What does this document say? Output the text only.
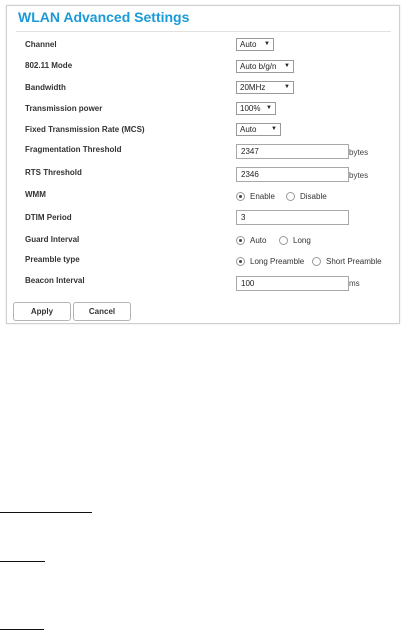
WLAN Advanced Settings
Channel	Auto ▼
802.11 Mode	Auto b/g/n ▼
Bandwidth	20MHz	▼
Transmission power	100% ▼
Fixed Transmission Rate (MCS)	Auto ▼
Fragmentation Threshold	2347	bytes
RTS Threshold	2346	bytes
WMM	Enable	Disable
DTIM Period	3
Guard Interval	Auto	Long
Preamble type	Long Preamble	Short Preamble
Beacon Interval	100	ms
Apply	Cancel
